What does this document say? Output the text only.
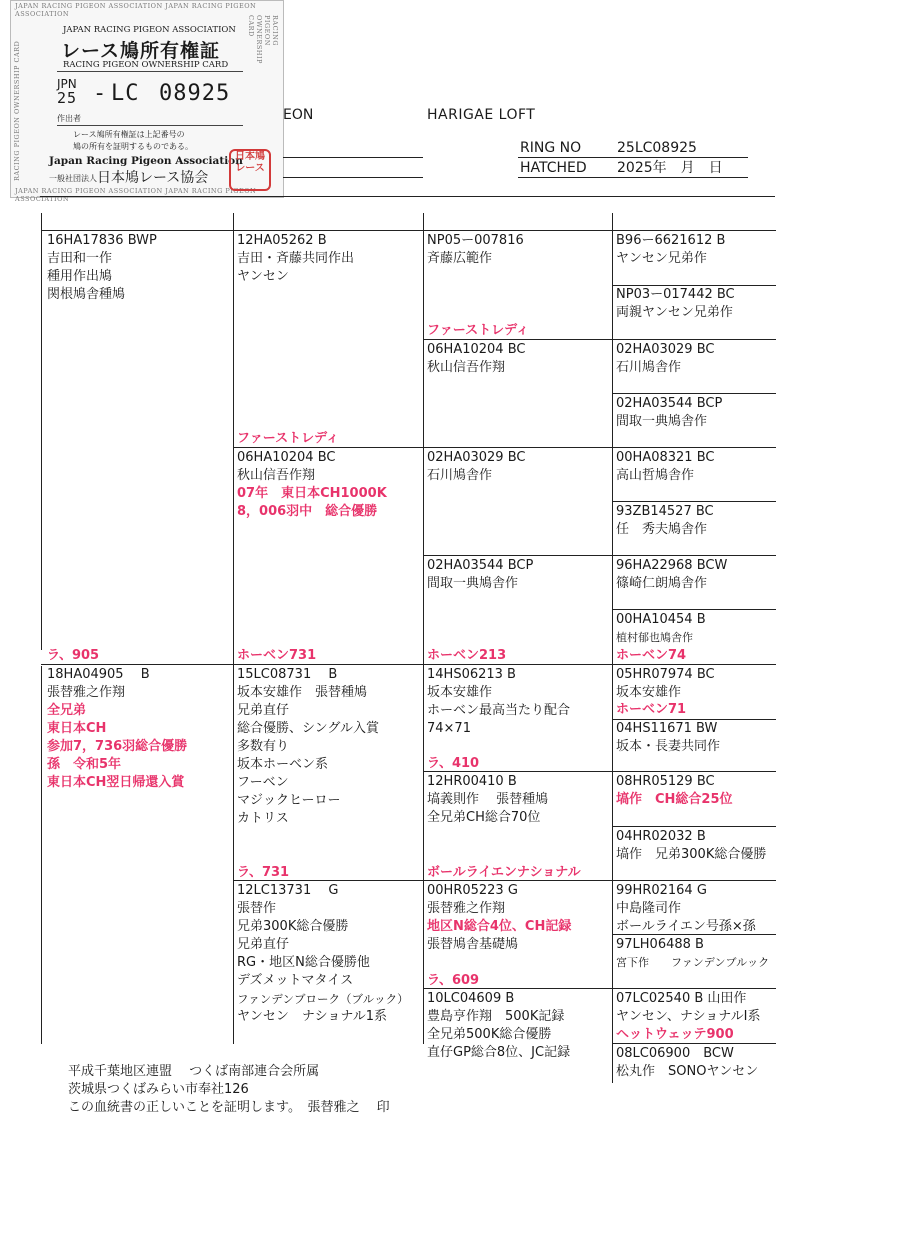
JAPAN RACING PIGEON ASSOCIATION JAPAN RACING PIGEON ASSOCIATION
JAPAN RACING PIGEON ASSOCIATION JAPAN RACING PIGEON ASSOCIATION
RACING PIGEON OWNERSHIP CARD
RACING PIGEON OWNERSHIP CARD
JAPAN RACING PIGEON ASSOCIATION
レース鳩所有権証
RACING PIGEON OWNERSHIP CARD
JPN
25 - LC 08925
作出者
レース鳩所有権証は上記番号の
鳩の所有を証明するものである。
Japan Racing Pigeon Association
一般社団法人 日本鳩レース協会
日本鳩レース
EON	HARIGAE LOFT
RING NO	25LC08925
HATCHED 2025年　月　日
16HA17836 BWP
吉田和一作
種用作出鳩
関根鳩舎種鳩
ラ、905
18HA04905　 B
張替雅之作翔
全兄弟
東日本CH
参加7，736羽総合優勝
孫　令和5年
東日本CH翌日帰還入賞
12HA05262 B
吉田・斉藤共同作出
ヤンセン
ファーストレディ
06HA10204 BC
秋山信吾作翔
07年　東日本CH1000K
8，006羽中　総合優勝
ホーベン731
15LC08731　 B
坂本安雄作　張替種鳩
兄弟直仔
総合優勝、シングル入賞
多数有り
坂本ホーベン系
フーベン
マジックヒーロー
カトリス
ラ、731
12LC13731　 G
張替作
兄弟300K総合優勝
兄弟直仔
RG・地区N総合優勝他
デズメットマタイス
ファンデンブローク（ブルック）
ヤンセン　ナショナル1系
NP05ー007816
斉藤広範作
ファーストレディ
06HA10204 BC
秋山信吾作翔
02HA03029 BC
石川鳩舎作
02HA03544 BCP
間取一典鳩舎作
ホーベン213
14HS06213 B
坂本安雄作
ホーベン最高当たり配合
74×71
ラ、410
12HR00410 B
塙義則作　 張替種鳩
全兄弟CH総合70位
ボールライエンナショナル
00HR05223 G
張替雅之作翔
地区N総合4位、CH記録
張替鳩舎基礎鳩
ラ、609
10LC04609 B
豊島亨作翔　500K記録
全兄弟500K総合優勝
直仔GP総合8位、JC記録
B96ー6621612 B
ヤンセン兄弟作
NP03ー017442 BC
両親ヤンセン兄弟作
02HA03029 BC
石川鳩舎作
02HA03544 BCP
間取一典鳩舎作
00HA08321 BC
高山哲鳩舎作
93ZB14527 BC
任　秀夫鳩舎作
96HA22968 BCW
篠崎仁朗鳩舎作
00HA10454 B
植村郁也鳩舎作
ホーベン74
05HR07974 BC
坂本安雄作
ホーベン71
04HS11671 BW
坂本・長妻共同作
08HR05129 BC
塙作　CH総合25位
04HR02032 B
塙作　兄弟300K総合優勝
99HR02164 G
中島隆司作
ボールライエン号孫×孫
97LH06488 B
宮下作　　ファンデンブルック
07LC02540 B 山田作
ヤンセン、ナショナルⅠ系
ヘットウェッテ900
08LC06900　BCW
松丸作　SONOヤンセン
平成千葉地区連盟　 つくば南部連合会所属
茨城県つくばみらい市奉社126
この血統書の正しいことを証明します。　張替雅之　 印
